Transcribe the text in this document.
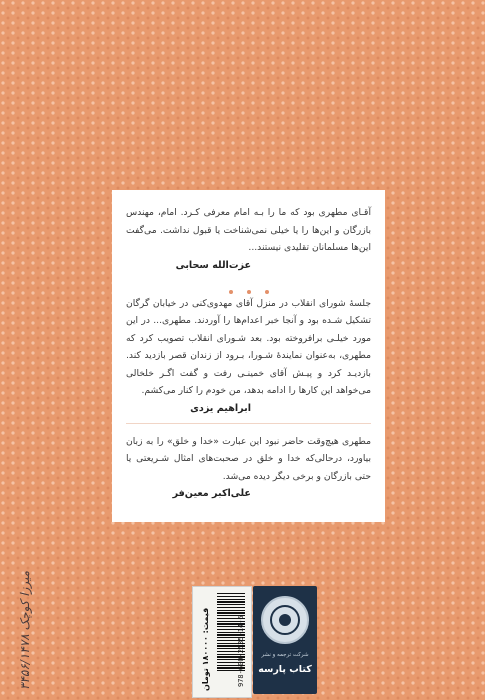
آقـای مطهری بود که ما را بـه امام معرفی کـرد. امام، مهندس بازرگان و این‌ها را یا خیلی نمی‌شناخت یا قبول نداشت. می‌گفت این‌ها مسلمانان تقلیدی نیستند...

عزت‌الله سحابی

جلسهٔ شورای انقلاب در منزل آقای مهدوی‌کنی در خیابان گرگان تشکیل شـده بود و آنجا خبر اعدام‌ها را آوردند. مطهری... در این مورد خیلـی برافروخته بود. بعد شـورای انقلاب تصویب کرد که مطهری، به‌عنوان نمایندهٔ شـورا، بـرود از زندان قصر بازدید کند. بازدیـد کرد و پیـش آقای خمینـی رفت و گفت اگـر خلخالی می‌خواهد این کارها را ادامه بدهد، من خودم را کنار می‌کشم.

ابراهیم یزدی

مطهری هیچ‌وقت حاضر نبود این عبارت «خدا و خلق» را به زبان بیاورد، درحالی‌که خدا و خلق در صحبت‌های امثال شـریعتی یا حتی بازرگان و برخی دیگر دیده می‌شد.

علی‌اکبر معین‌فر
978-600-2535-14-6
قیمت: ۱۸۰۰۰۰ تومان
شرکت ترجمه و نشر
کتاب پارسه
۳۴۵۶/۱۴۷۸ میرزا کوچک
